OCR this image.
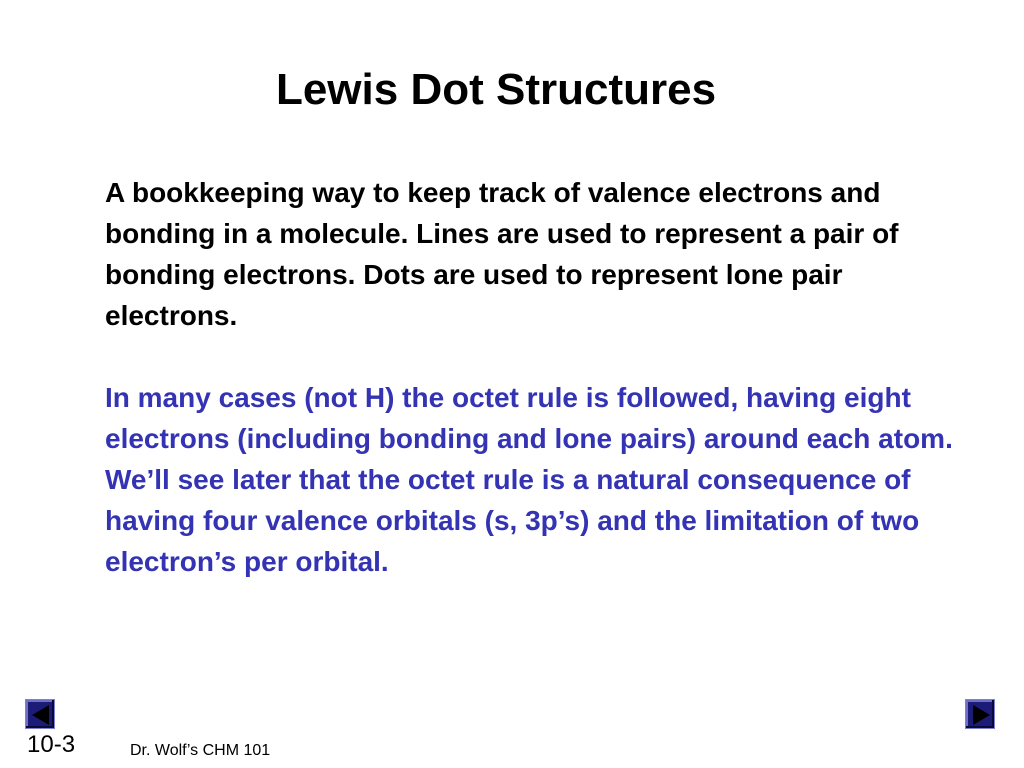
Lewis Dot Structures

A bookkeeping way to keep track of valence electrons and bonding in a molecule. Lines are used to represent a pair of bonding electrons. Dots are used to represent lone pair electrons.

In many cases (not H) the octet rule is followed, having eight electrons (including bonding and lone pairs) around each atom. We’ll see later that the octet rule is a natural consequence of having four valence orbitals (s, 3p’s) and the limitation of two electron’s per orbital.

10-3	Dr. Wolf’s CHM 101
